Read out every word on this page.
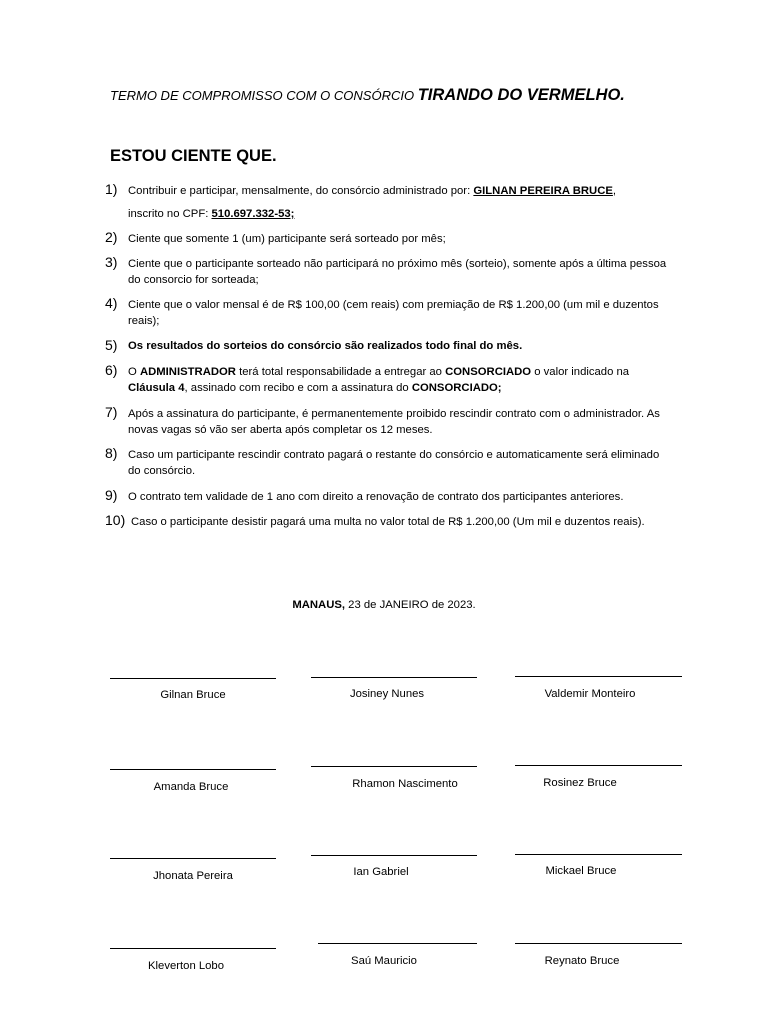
TERMO DE COMPROMISSO COM O CONSÓRCIO TIRANDO DO VERMELHO.
ESTOU CIENTE QUE.
1) Contribuir e participar, mensalmente, do consórcio administrado por: GILNAN PEREIRA BRUCE,
inscrito no CPF: 510.697.332-53;
2) Ciente que somente 1 (um) participante será sorteado por mês;
3) Ciente que o participante sorteado não participará no próximo mês (sorteio), somente após a última pessoa do consorcio for sorteada;
4) Ciente que o valor mensal é de R$ 100,00 (cem reais) com premiação de R$ 1.200,00 (um mil e duzentos reais);
5) Os resultados do sorteios do consórcio são realizados todo final do mês.
6) O ADMINISTRADOR terá total responsabilidade a entregar ao CONSORCIADO o valor indicado na Cláusula 4, assinado com recibo e com a assinatura do CONSORCIADO;
7) Após a assinatura do participante, é permanentemente proibido rescindir contrato com o administrador. As novas vagas só vão ser aberta após completar os 12 meses.
8) Caso um participante rescindir contrato pagará o restante do consórcio e automaticamente será eliminado do consórcio.
9) O contrato tem validade de 1 ano com direito a renovação de contrato dos participantes anteriores.
10) Caso o participante desistir pagará uma multa no valor total de R$ 1.200,00 (Um mil e duzentos reais).
MANAUS, 23 de JANEIRO de 2023.
Gilnan Bruce	Josiney Nunes	Valdemir Monteiro
Amanda Bruce	Rhamon Nascimento	Rosinez Bruce
Jhonata Pereira	Ian Gabriel	Mickael Bruce
Kleverton Lobo	Saú Mauricio	Reynato Bruce
